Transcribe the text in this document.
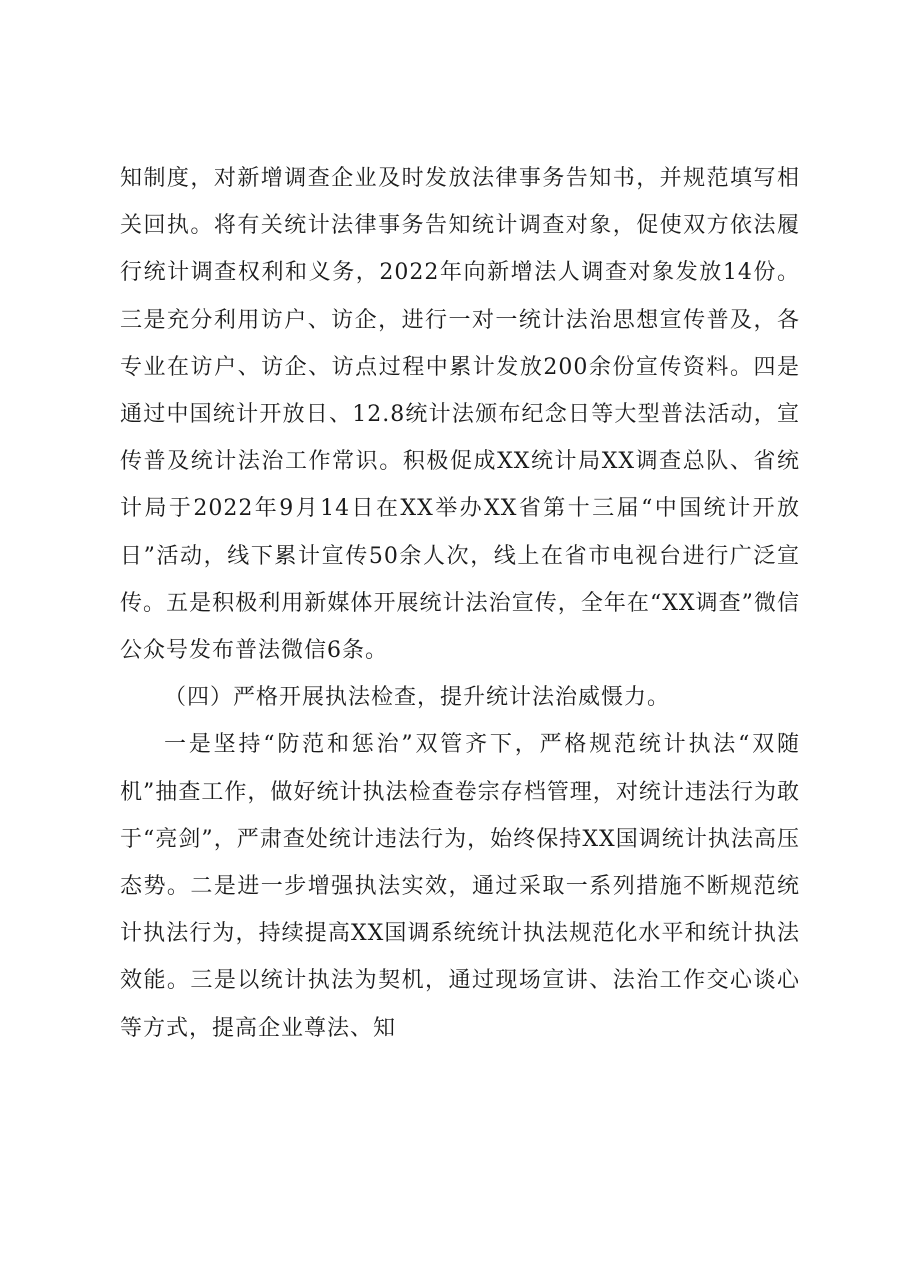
知制度，对新增调查企业及时发放法律事务告知书，并规范填写相关回执。将有关统计法律事务告知统计调查对象，促使双方依法履行统计调查权利和义务，2022年向新增法人调查对象发放14份。三是充分利用访户、访企，进行一对一统计法治思想宣传普及，各专业在访户、访企、访点过程中累计发放200余份宣传资料。四是通过中国统计开放日、12.8统计法颁布纪念日等大型普法活动，宣传普及统计法治工作常识。积极促成XX统计局XX调查总队、省统计局于2022年9月14日在XX举办XX省第十三届“中国统计开放日”活动，线下累计宣传50余人次，线上在省市电视台进行广泛宣传。五是积极利用新媒体开展统计法治宣传，全年在“XX调查”微信公众号发布普法微信6条。

（四）严格开展执法检查，提升统计法治威慑力。

一是坚持“防范和惩治”双管齐下，严格规范统计执法“双随机”抽查工作，做好统计执法检查卷宗存档管理，对统计违法行为敢于“亮剑”，严肃查处统计违法行为，始终保持XX国调统计执法高压态势。二是进一步增强执法实效，通过采取一系列措施不断规范统计执法行为，持续提高XX国调系统统计执法规范化水平和统计执法效能。三是以统计执法为契机，通过现场宣讲、法治工作交心谈心等方式，提高企业尊法、知
